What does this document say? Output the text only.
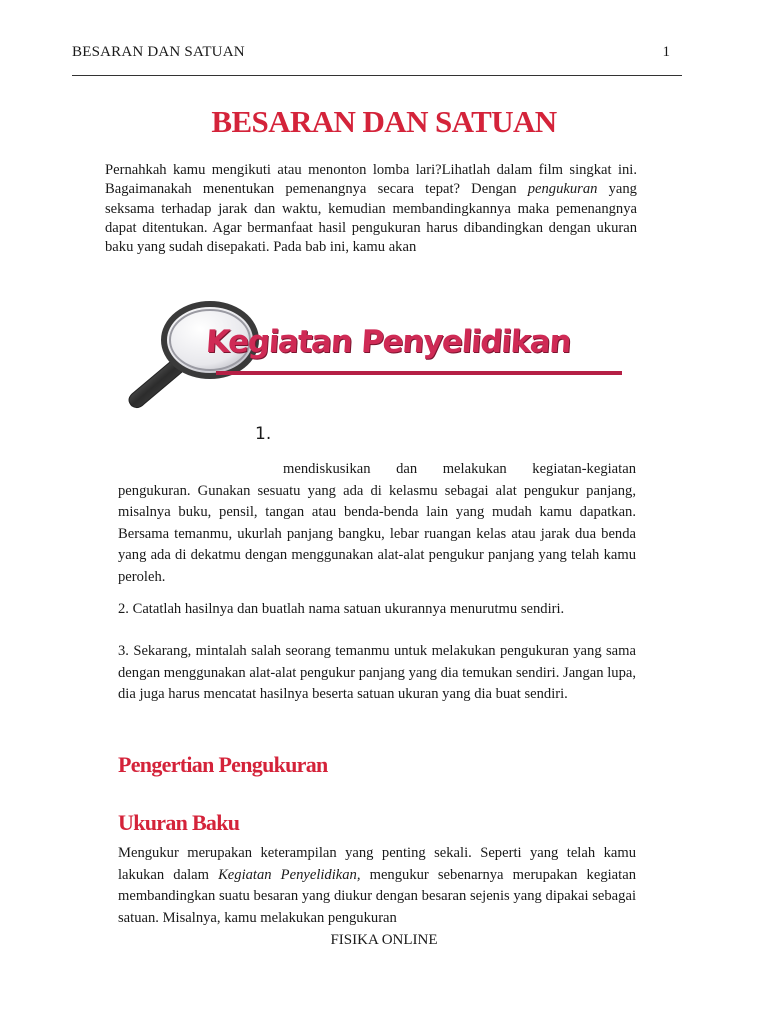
BESARAN DAN SATUAN	1
BESARAN DAN SATUAN

Pernahkah kamu mengikuti atau menonton lomba lari?Lihatlah dalam film singkat ini. Bagaimanakah menentukan pemenangnya secara tepat? Dengan pengukuran yang seksama terhadap jarak dan waktu, kemudian membandingkannya maka pemenangnya dapat ditentukan. Agar bermanfaat hasil pengukuran harus dibandingkan dengan ukuran baku yang sudah disepakati. Pada bab ini, kamu akan

Kegiatan Penyelidikan
1.

mendiskusikan dan melakukan kegiatan-kegiatan pengukuran. Gunakan sesuatu yang ada di kelasmu sebagai alat pengukur panjang, misalnya buku, pensil, tangan atau benda-benda lain yang mudah kamu dapatkan. Bersama temanmu, ukurlah panjang bangku, lebar ruangan kelas atau jarak dua benda yang ada di dekatmu dengan menggunakan alat-alat pengukur panjang yang telah kamu peroleh.

2. Catatlah hasilnya dan buatlah nama satuan ukurannya menurutmu sendiri.

3. Sekarang, mintalah salah seorang temanmu untuk melakukan pengukuran yang sama dengan menggunakan alat-alat pengukur panjang yang dia temukan sendiri. Jangan lupa, dia juga harus mencatat hasilnya beserta satuan ukuran yang dia buat sendiri.

Pengertian Pengukuran
Ukuran Baku

Mengukur merupakan keterampilan yang penting sekali. Seperti yang telah kamu lakukan dalam Kegiatan Penyelidikan, mengukur sebenarnya merupakan kegiatan membandingkan suatu besaran yang diukur dengan besaran sejenis yang dipakai sebagai satuan. Misalnya, kamu melakukan pengukuran

FISIKA ONLINE
